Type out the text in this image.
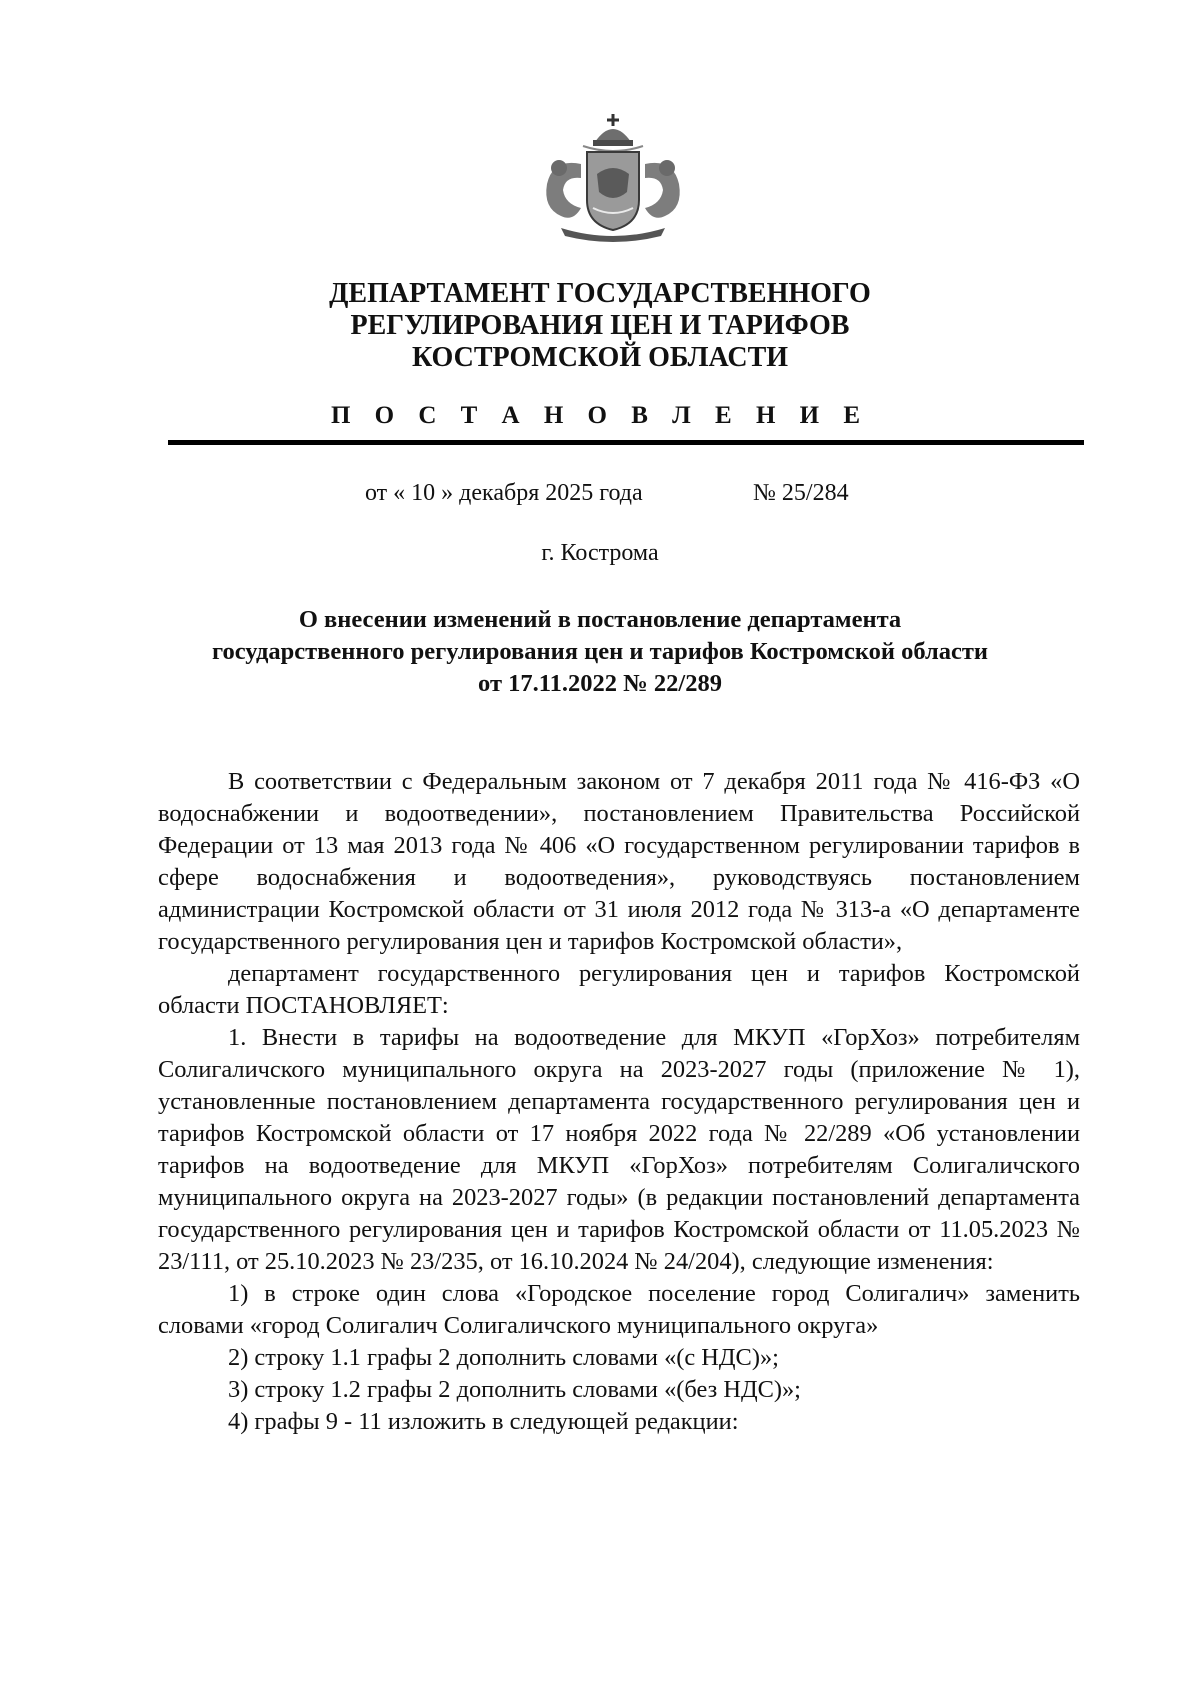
ДЕПАРТАМЕНТ ГОСУДАРСТВЕННОГО
РЕГУЛИРОВАНИЯ ЦЕН И ТАРИФОВ
КОСТРОМСКОЙ ОБЛАСТИ
П О С Т А Н О В Л Е Н И Е
от « 10 » декабря 2025 года	№ 25/284
г. Кострома
О внесении изменений в постановление департамента
государственного регулирования цен и тарифов Костромской области
от 17.11.2022 № 22/289

В соответствии с Федеральным законом от 7 декабря 2011 года № 416-ФЗ «О водоснабжении и водоотведении», постановлением Правительства Российской Федерации от 13 мая 2013 года № 406 «О государственном регулировании тарифов в сфере водоснабжения и водоотведения», руководствуясь постановлением администрации Костромской области от 31 июля 2012 года № 313-а «О департаменте государственного регулирования цен и тарифов Костромской области»,

департамент государственного регулирования цен и тарифов Костромской области ПОСТАНОВЛЯЕТ:

1. Внести в тарифы на водоотведение для МКУП «ГорХоз» потребителям Солигаличского муниципального округа на 2023-2027 годы (приложение № 1), установленные постановлением департамента государственного регулирования цен и тарифов Костромской области от 17 ноября 2022 года № 22/289 «Об установлении тарифов на водоотведение для МКУП «ГорХоз» потребителям Солигаличского муниципального округа на 2023-2027 годы» (в редакции постановлений департамента государственного регулирования цен и тарифов Костромской области от 11.05.2023 № 23/111, от 25.10.2023 № 23/235, от 16.10.2024 № 24/204), следующие изменения:

1) в строке один слова «Городское поселение город Солигалич» заменить словами «город Солигалич Солигаличского муниципального округа»

2) строку 1.1 графы 2 дополнить словами «(с НДС)»;

3) строку 1.2 графы 2 дополнить словами «(без НДС)»;

4) графы 9 - 11 изложить в следующей редакции:
